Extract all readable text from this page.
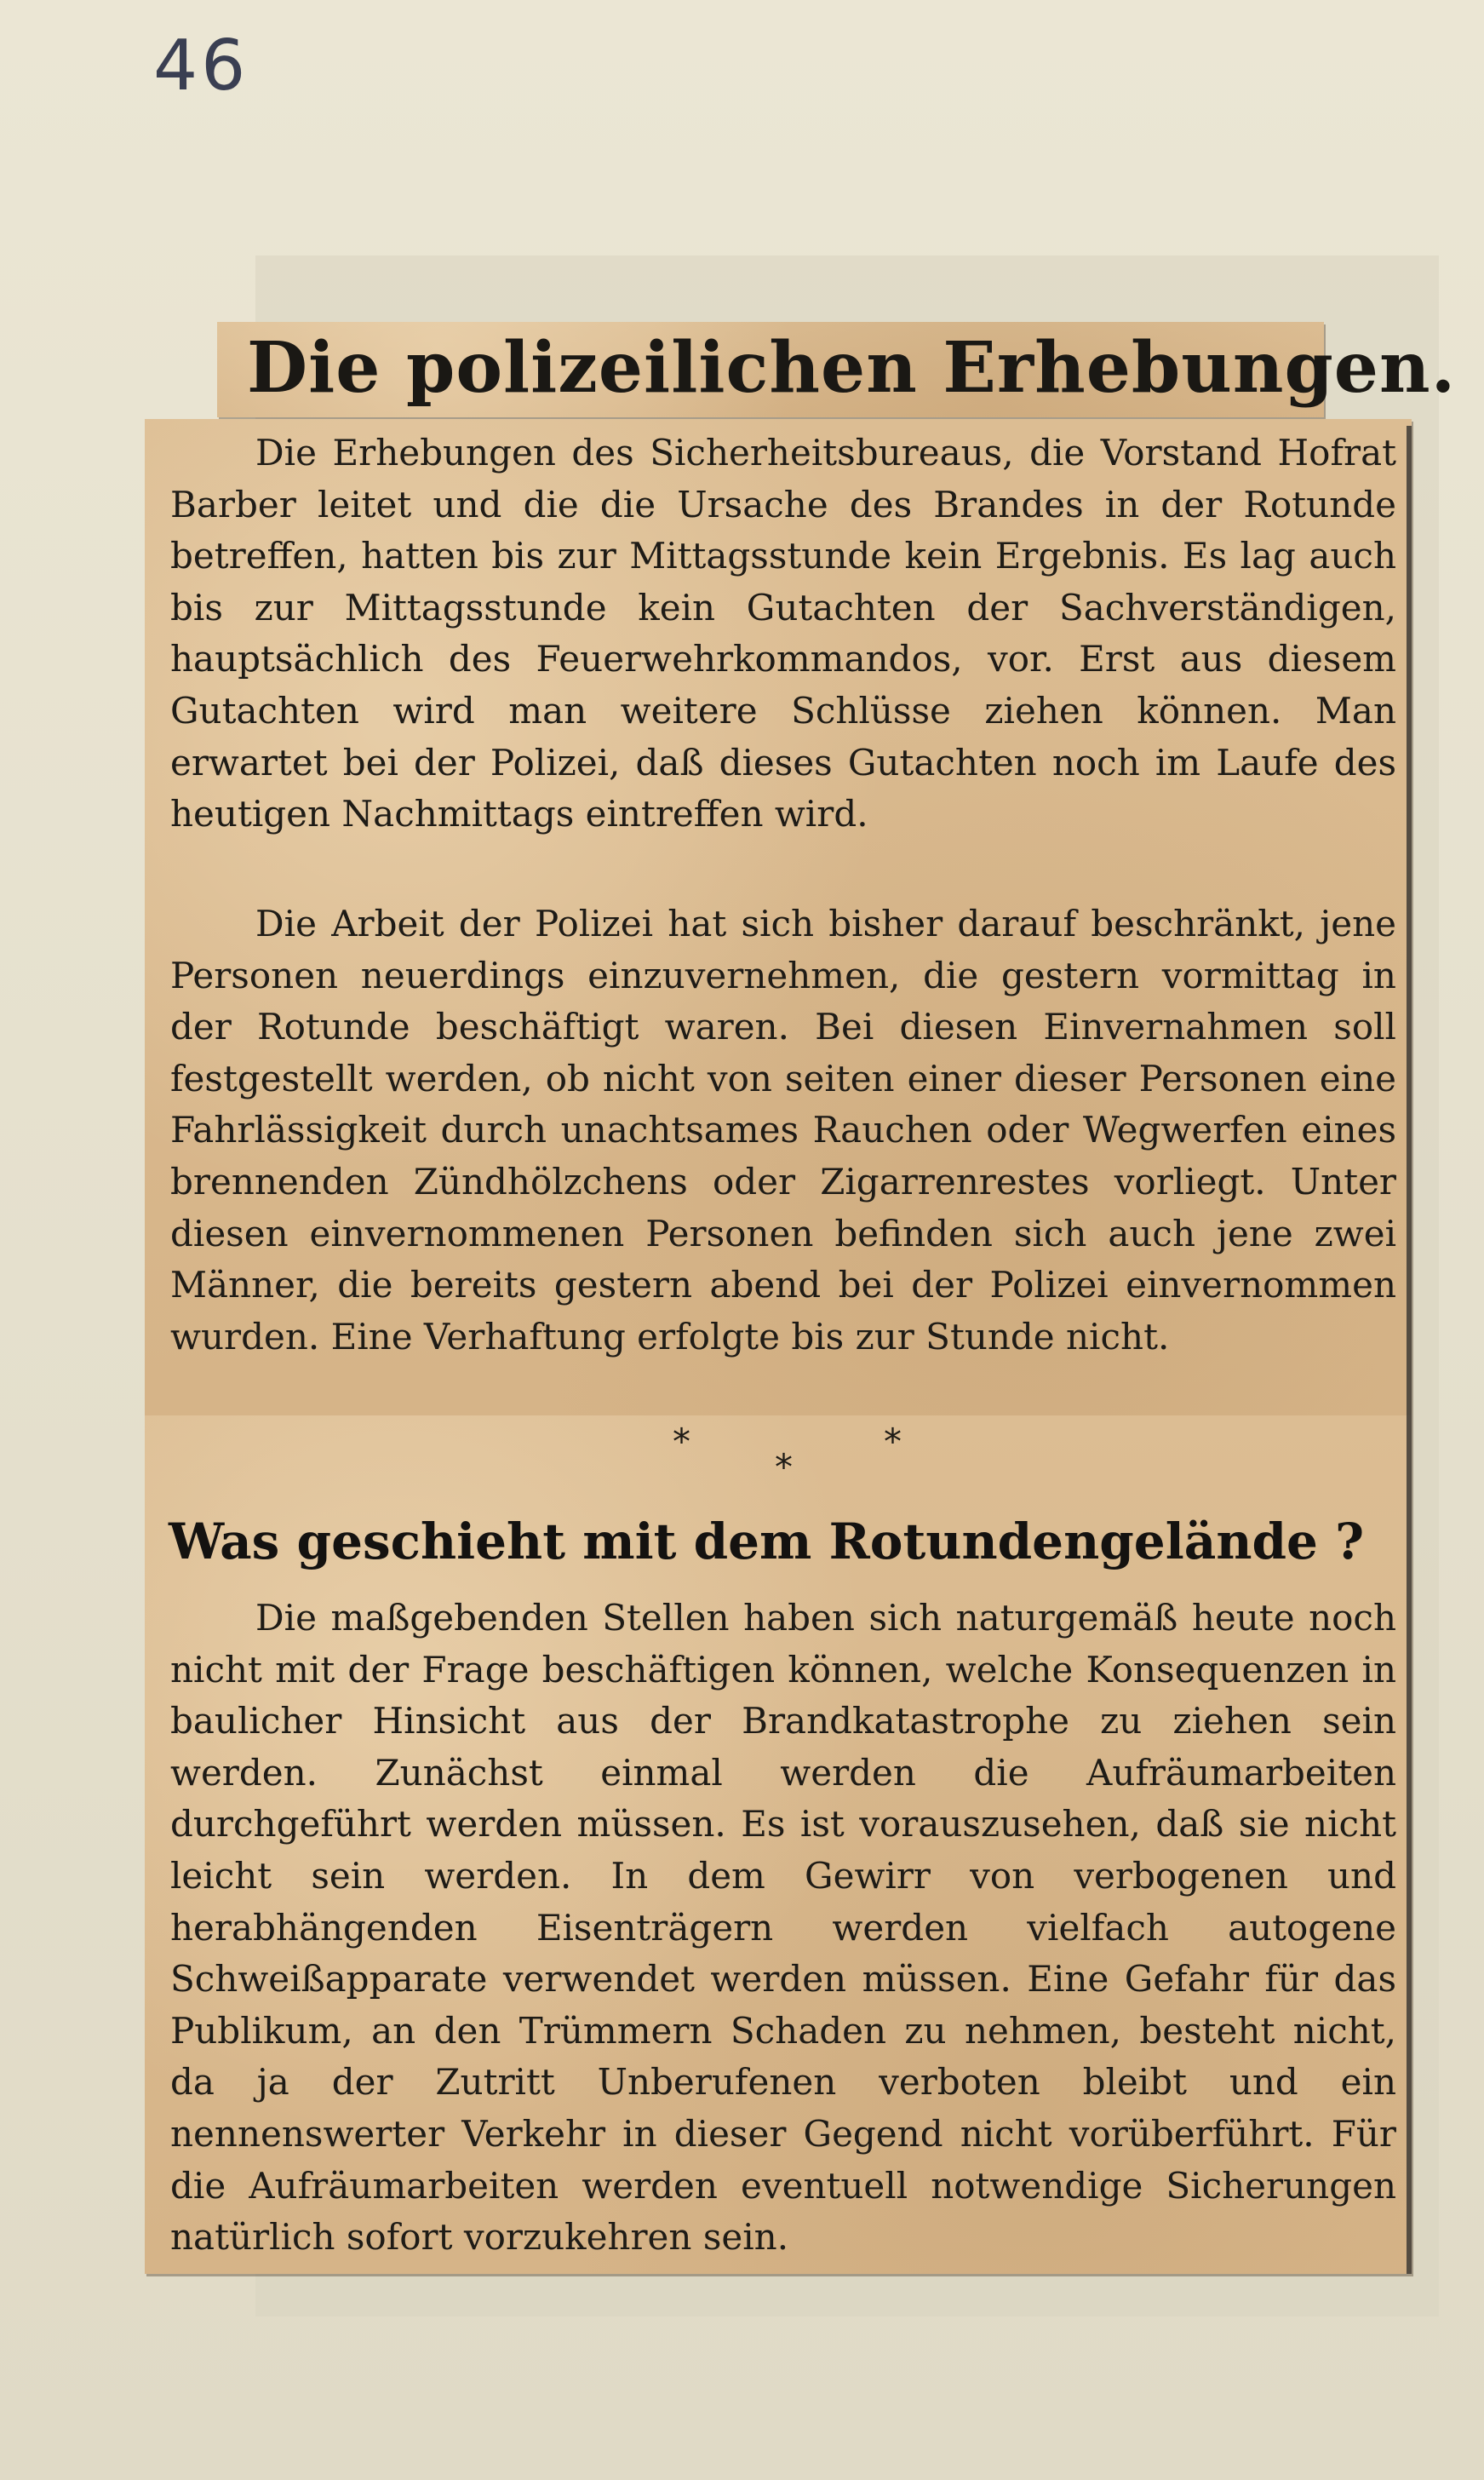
46
Die polizeilichen Erhebungen.

Die Erhebungen des Sicherheitsbureaus, die Vorstand Hofrat Barber leitet und die die Ursache des Brandes in der Rotunde betreffen, hatten bis zur Mittagsstunde kein Ergebnis. Es lag auch bis zur Mittagsstunde kein Gutachten der Sachverständigen, hauptsächlich des Feuerwehrkommandos, vor. Erst aus diesem Gutachten wird man weitere Schlüsse ziehen können. Man erwartet bei der Polizei, daß dieses Gutachten noch im Laufe des heutigen Nachmittags eintreffen wird.

Die Arbeit der Polizei hat sich bisher darauf beschränkt, jene Personen neuerdings einzuvernehmen, die gestern vormittag in der Rotunde beschäftigt waren. Bei diesen Einvernahmen soll festgestellt werden, ob nicht von seiten einer dieser Personen eine Fahrlässigkeit durch unachtsames Rauchen oder Wegwerfen eines brennenden Zündhölzchens oder Zigarrenrestes vorliegt. Unter diesen einvernommenen Personen befinden sich auch jene zwei Männer, die bereits gestern abend bei der Polizei einvernommen wurden. Eine Verhaftung erfolgte bis zur Stunde nicht.

*
*
*
Was geschieht mit dem Rotundengelände ?

Die maßgebenden Stellen haben sich naturgemäß heute noch nicht mit der Frage beschäftigen können, welche Konsequenzen in baulicher Hinsicht aus der Brandkatastrophe zu ziehen sein werden. Zunächst einmal werden die Aufräumarbeiten durchgeführt werden müssen. Es ist vorauszusehen, daß sie nicht leicht sein werden. In dem Gewirr von verbogenen und herabhängenden Eisenträgern werden vielfach autogene Schweißapparate verwendet werden müssen. Eine Gefahr für das Publikum, an den Trümmern Schaden zu nehmen, besteht nicht, da ja der Zutritt Unberufenen verboten bleibt und ein nennenswerter Verkehr in dieser Gegend nicht vorüberführt. Für die Aufräumarbeiten werden eventuell notwendige Sicherungen natürlich sofort vorzukehren sein.
